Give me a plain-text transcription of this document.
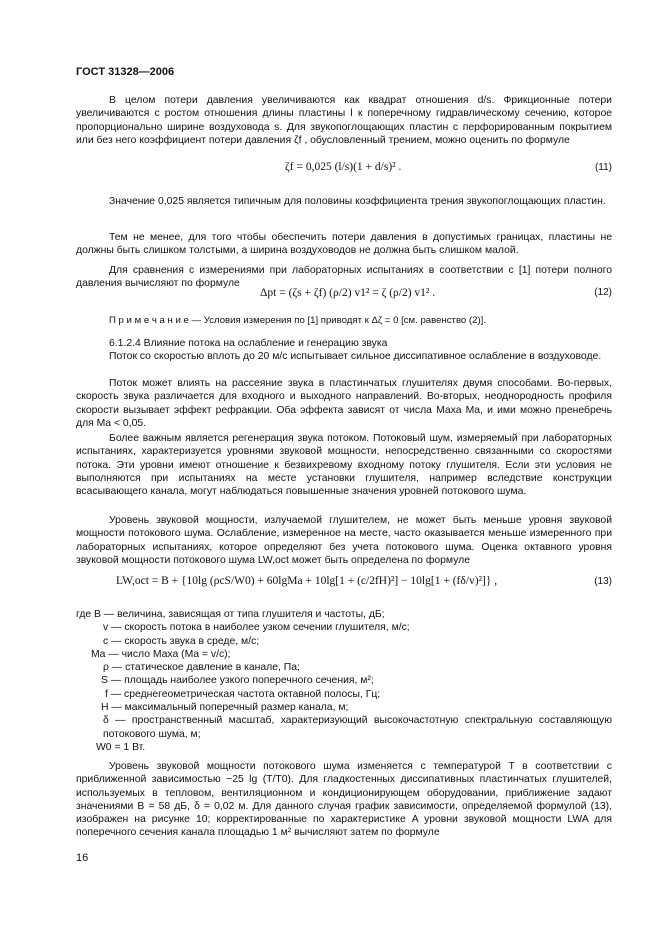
ГОСТ 31328—2006

В целом потери давления увеличиваются как квадрат отношения d/s. Фрикционные потери увеличиваются с ростом отношения длины пластины l к поперечному гидравлическому сечению, которое пропорционально ширине воздуховода s. Для звукопоглощающих пластин с перфорированным покрытием или без него коэффициент потери давления ζf , обусловленный трением, можно оценить по формуле

ζf = 0,025 (l/s)(1 + d/s)² .	(11)

Значение 0,025 является типичным для половины коэффициента трения звукопоглощающих пластин.

Тем не менее, для того чтобы обеспечить потери давления в допустимых границах, пластины не должны быть слишком толстыми, а ширина воздуховодов не должна быть слишком малой.

Для сравнения с измерениями при лабораторных испытаниях в соответствии с [1] потери полного давления вычисляют по формуле

Δpt = (ζs + ζf) (ρ/2) v1² = ζ (ρ/2) v1² .	(12)

П р и м е ч а н и е — Условия измерения по [1] приводят к Δζ = 0 [см. равенство (2)].

6.1.2.4 Влияние потока на ослабление и генерацию звука

Поток со скоростью вплоть до 20 м/с испытывает сильное диссипативное ослабление в воздуховоде.

Поток может влиять на рассеяние звука в пластинчатых глушителях двумя способами. Во-первых, скорость звука различается для входного и выходного направлений. Во-вторых, неоднородность профиля скорости вызывает эффект рефракции. Оба эффекта зависят от числа Маха Ma, и ими можно пренебречь для Ma < 0,05.

Более важным является регенерация звука потоком. Потоковый шум, измеряемый при лабораторных испытаниях, характеризуется уровнями звуковой мощности, непосредственно связанными со скоростями потока. Эти уровни имеют отношение к безвихревому входному потоку глушителя. Если эти условия не выполняются при испытаниях на месте установки глушителя, например вследствие конструкции всасывающего канала, могут наблюдаться повышенные значения уровней потокового шума.

Уровень звуковой мощности, излучаемой глушителем, не может быть меньше уровня звуковой мощности потокового шума. Ослабление, измеренное на месте, часто оказывается меньше измеренного при лабораторных испытаниях, которое определяют без учета потокового шума. Оценка октавного уровня звуковой мощности потокового шума LW,oct может быть определена по формуле

LW,oct = B + {10lg (ρcS/W0) + 60lgMa + 10lg[1 + (c/2fH)²] − 10lg[1 + (fδ/v)²]} ,	(13)

где B — величина, зависящая от типа глушителя и частоты, дБ;

v — скорость потока в наиболее узком сечении глушителя, м/с;

c — скорость звука в среде, м/с;

Ma — число Маха (Ma = v/c);

ρ — статическое давление в канале, Па;

S — площадь наиболее узкого поперечного сечения, м²;

f — среднегеометрическая частота октавной полосы, Гц;

H — максимальный поперечный размер канала, м;

δ — пространственный масштаб, характеризующий высокочастотную спектральную составляющую потокового шума, м;

W0 = 1 Вт.

Уровень звуковой мощности потокового шума изменяется с температурой T в соответствии с приближенной зависимостью −25 lg (T/T0). Для гладкостенных диссипативных пластинчатых глушителей, используемых в тепловом, вентиляционном и кондиционирующем оборудовании, приближение задают значениями B = 58 дБ, δ = 0,02 м. Для данного случая график зависимости, определяемой формулой (13), изображен на рисунке 10; корректированные по характеристике A уровни звуковой мощности LWA для поперечного сечения канала площадью 1 м² вычисляют затем по формуле

16
